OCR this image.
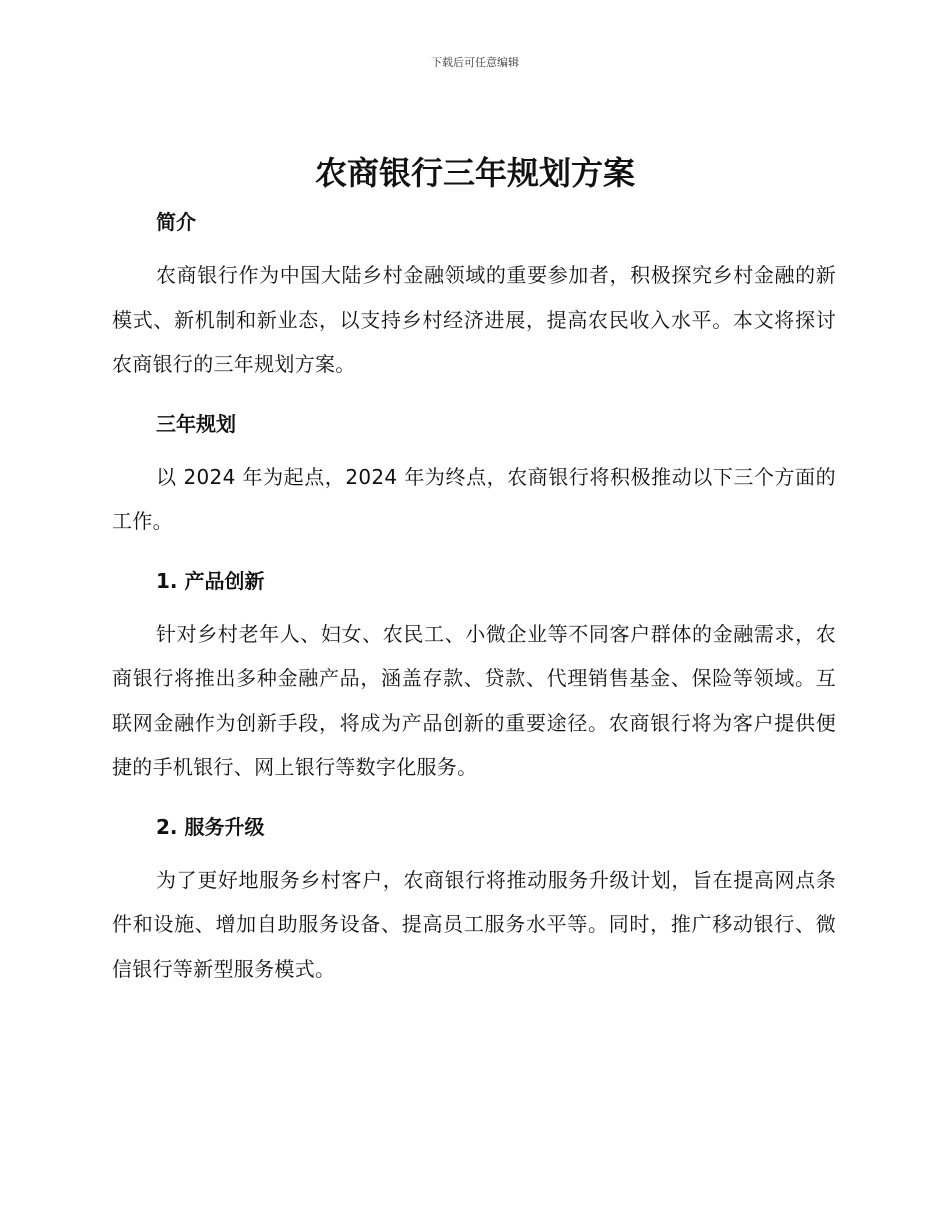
下载后可任意编辑
农商银行三年规划方案
简介

农商银行作为中国大陆乡村金融领域的重要参加者，积极探究乡村金融的新模式、新机制和新业态，以支持乡村经济进展，提高农民收入水平。本文将探讨农商银行的三年规划方案。

三年规划

以 2024 年为起点，2024 年为终点，农商银行将积极推动以下三个方面的工作。

1. 产品创新

针对乡村老年人、妇女、农民工、小微企业等不同客户群体的金融需求，农商银行将推出多种金融产品，涵盖存款、贷款、代理销售基金、保险等领域。互联网金融作为创新手段，将成为产品创新的重要途径。农商银行将为客户提供便捷的手机银行、网上银行等数字化服务。

2. 服务升级

为了更好地服务乡村客户，农商银行将推动服务升级计划，旨在提高网点条件和设施、增加自助服务设备、提高员工服务水平等。同时，推广移动银行、微信银行等新型服务模式。
